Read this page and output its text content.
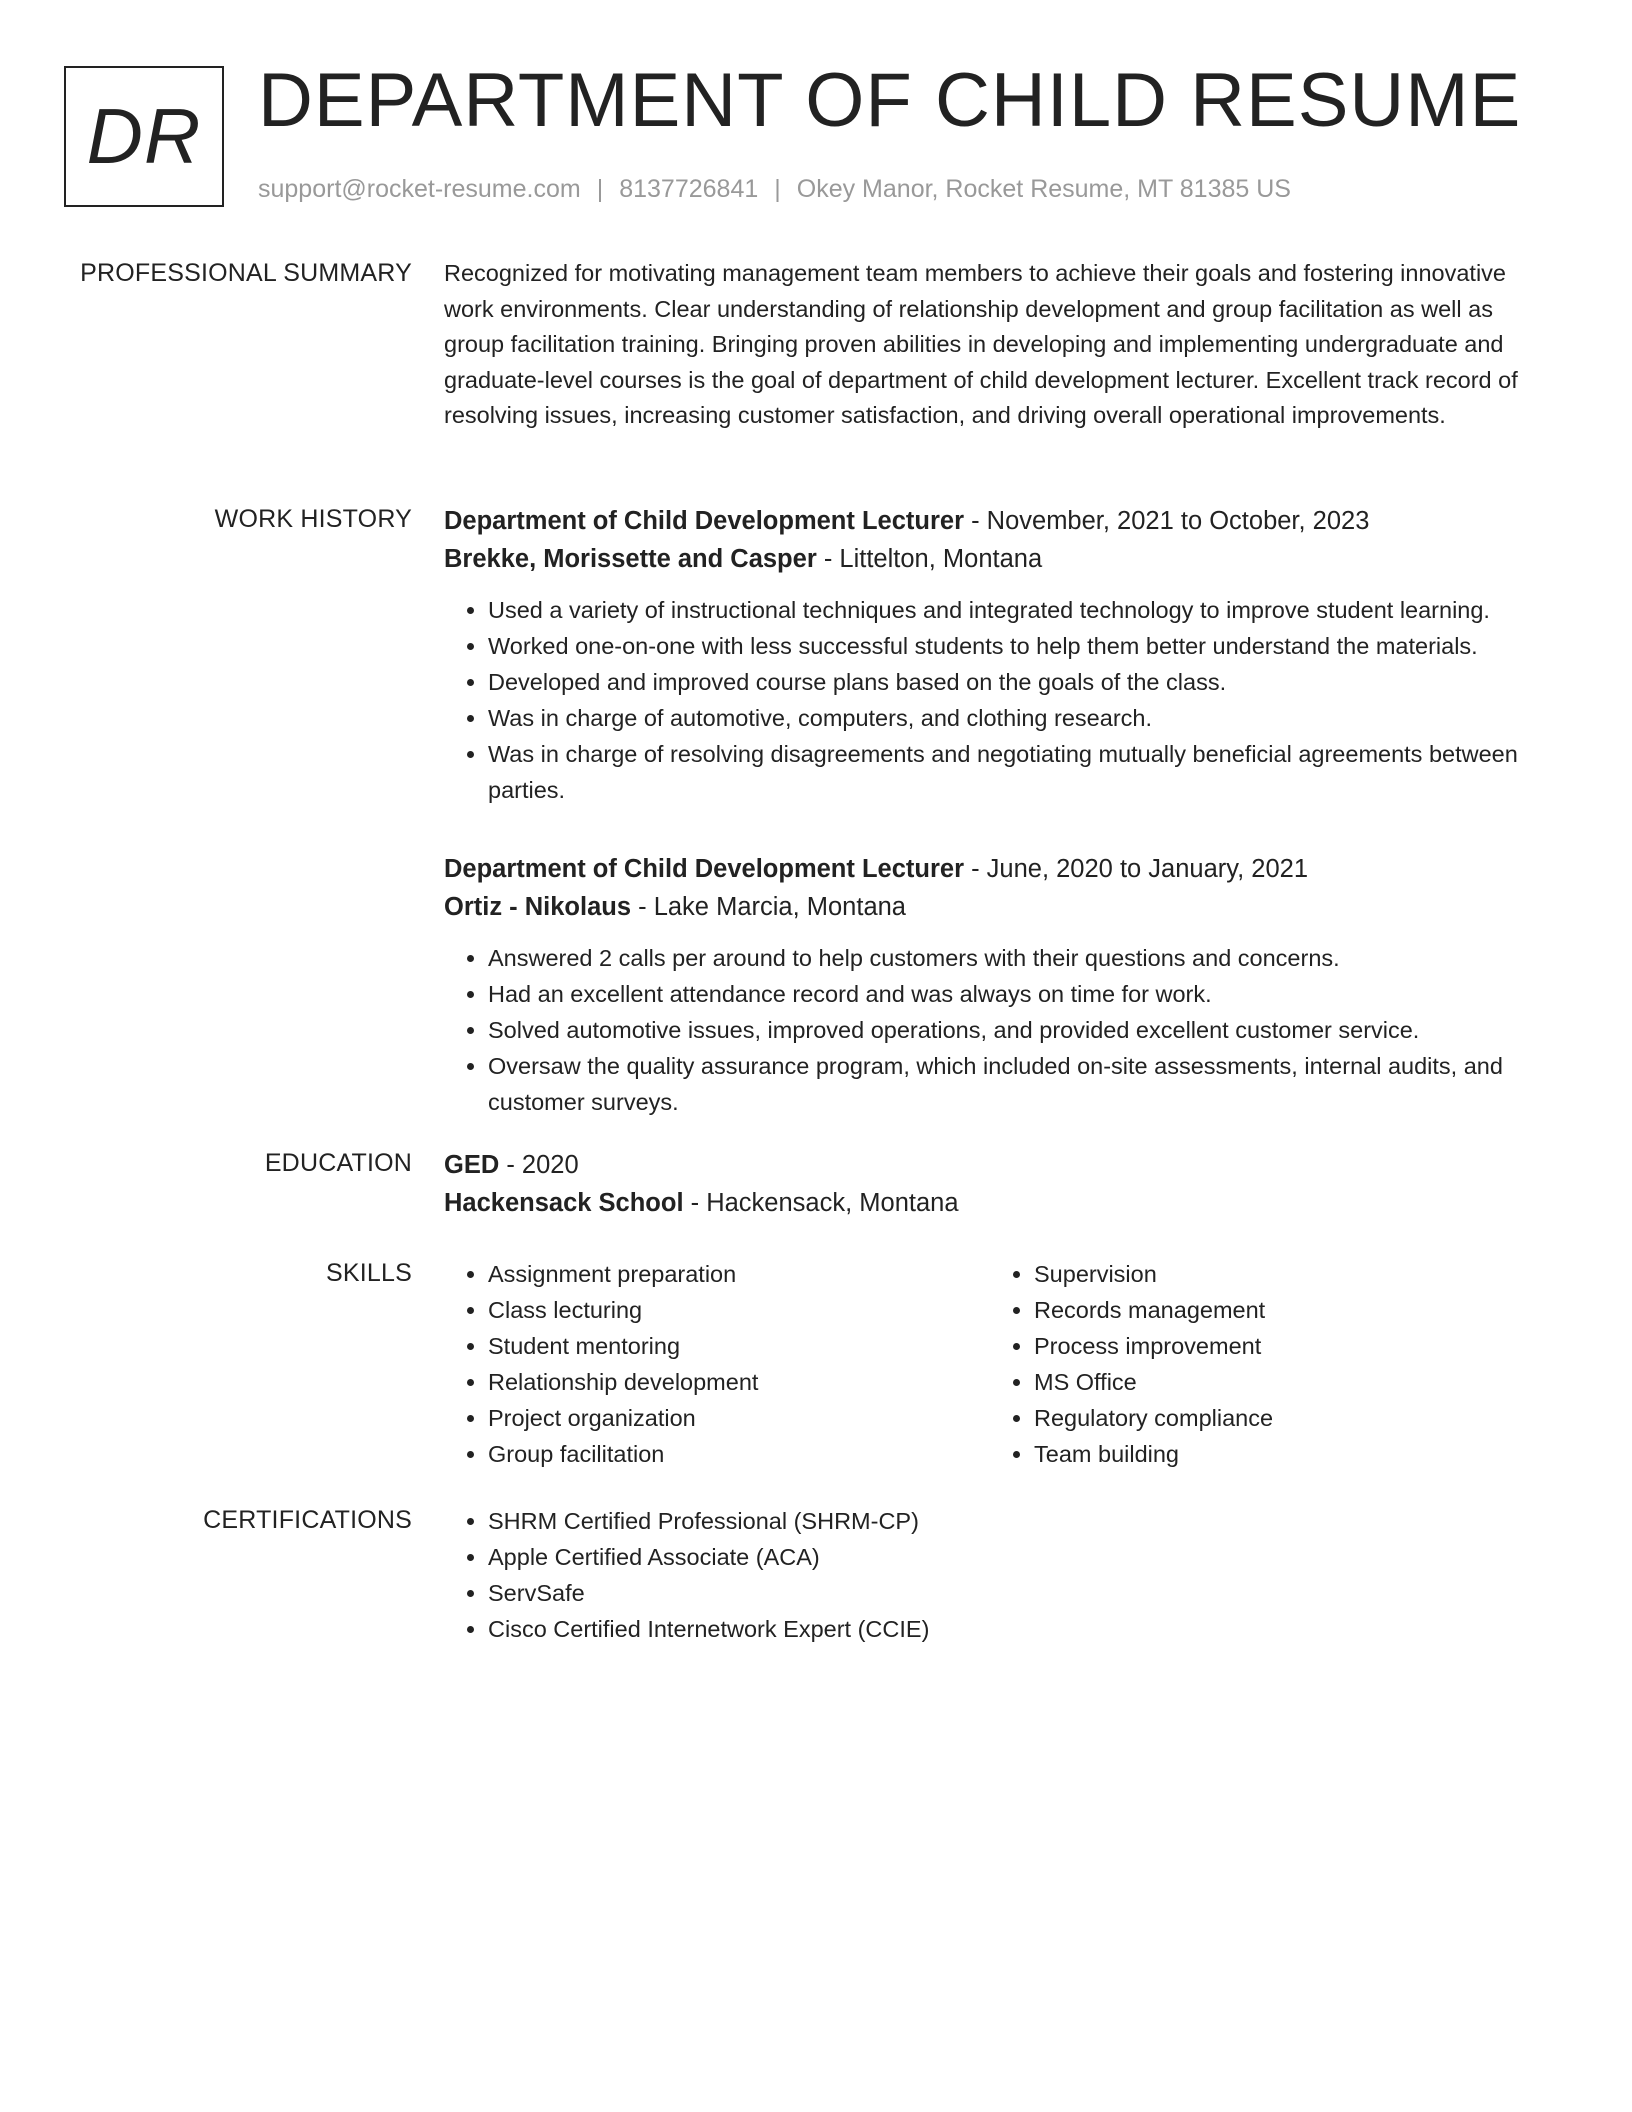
DR DEPARTMENT OF CHILD RESUME
support@rocket-resume.com | 8137726841 | Okey Manor, Rocket Resume, MT 81385 US
PROFESSIONAL SUMMARY Recognized for motivating management team members to achieve their goals and fostering innovative work environments. Clear understanding of relationship development and group facilitation as well as group facilitation training. Bringing proven abilities in developing and implementing undergraduate and graduate-level courses is the goal of department of child development lecturer. Excellent track record of resolving issues, increasing customer satisfaction, and driving overall operational improvements.

WORK HISTORY Department of Child Development Lecturer - November, 2021 to October, 2023
Brekke, Morissette and Casper - Littelton, Montana
• Used a variety of instructional techniques and integrated technology to improve student learning.
• Worked one-on-one with less successful students to help them better understand the materials.
• Developed and improved course plans based on the goals of the class.
• Was in charge of automotive, computers, and clothing research.
• Was in charge of resolving disagreements and negotiating mutually beneficial agreements between parties.
Department of Child Development Lecturer - June, 2020 to January, 2021
Ortiz - Nikolaus - Lake Marcia, Montana
• Answered 2 calls per around to help customers with their questions and concerns.
• Had an excellent attendance record and was always on time for work.
• Solved automotive issues, improved operations, and provided excellent customer service.
• Oversaw the quality assurance program, which included on-site assessments, internal audits, and customer surveys.
EDUCATION GED - 2020
Hackensack School - Hackensack, Montana
SKILLS	• Assignment preparation
• Class lecturing
• Student mentoring
• Relationship development
• Project organization
• Group facilitation
• Supervision
• Records management
• Process improvement
• MS Office
• Regulatory compliance
• Team building
CERTIFICATIONS	• SHRM Certified Professional (SHRM-CP)
• Apple Certified Associate (ACA)
• ServSafe
• Cisco Certified Internetwork Expert (CCIE)
